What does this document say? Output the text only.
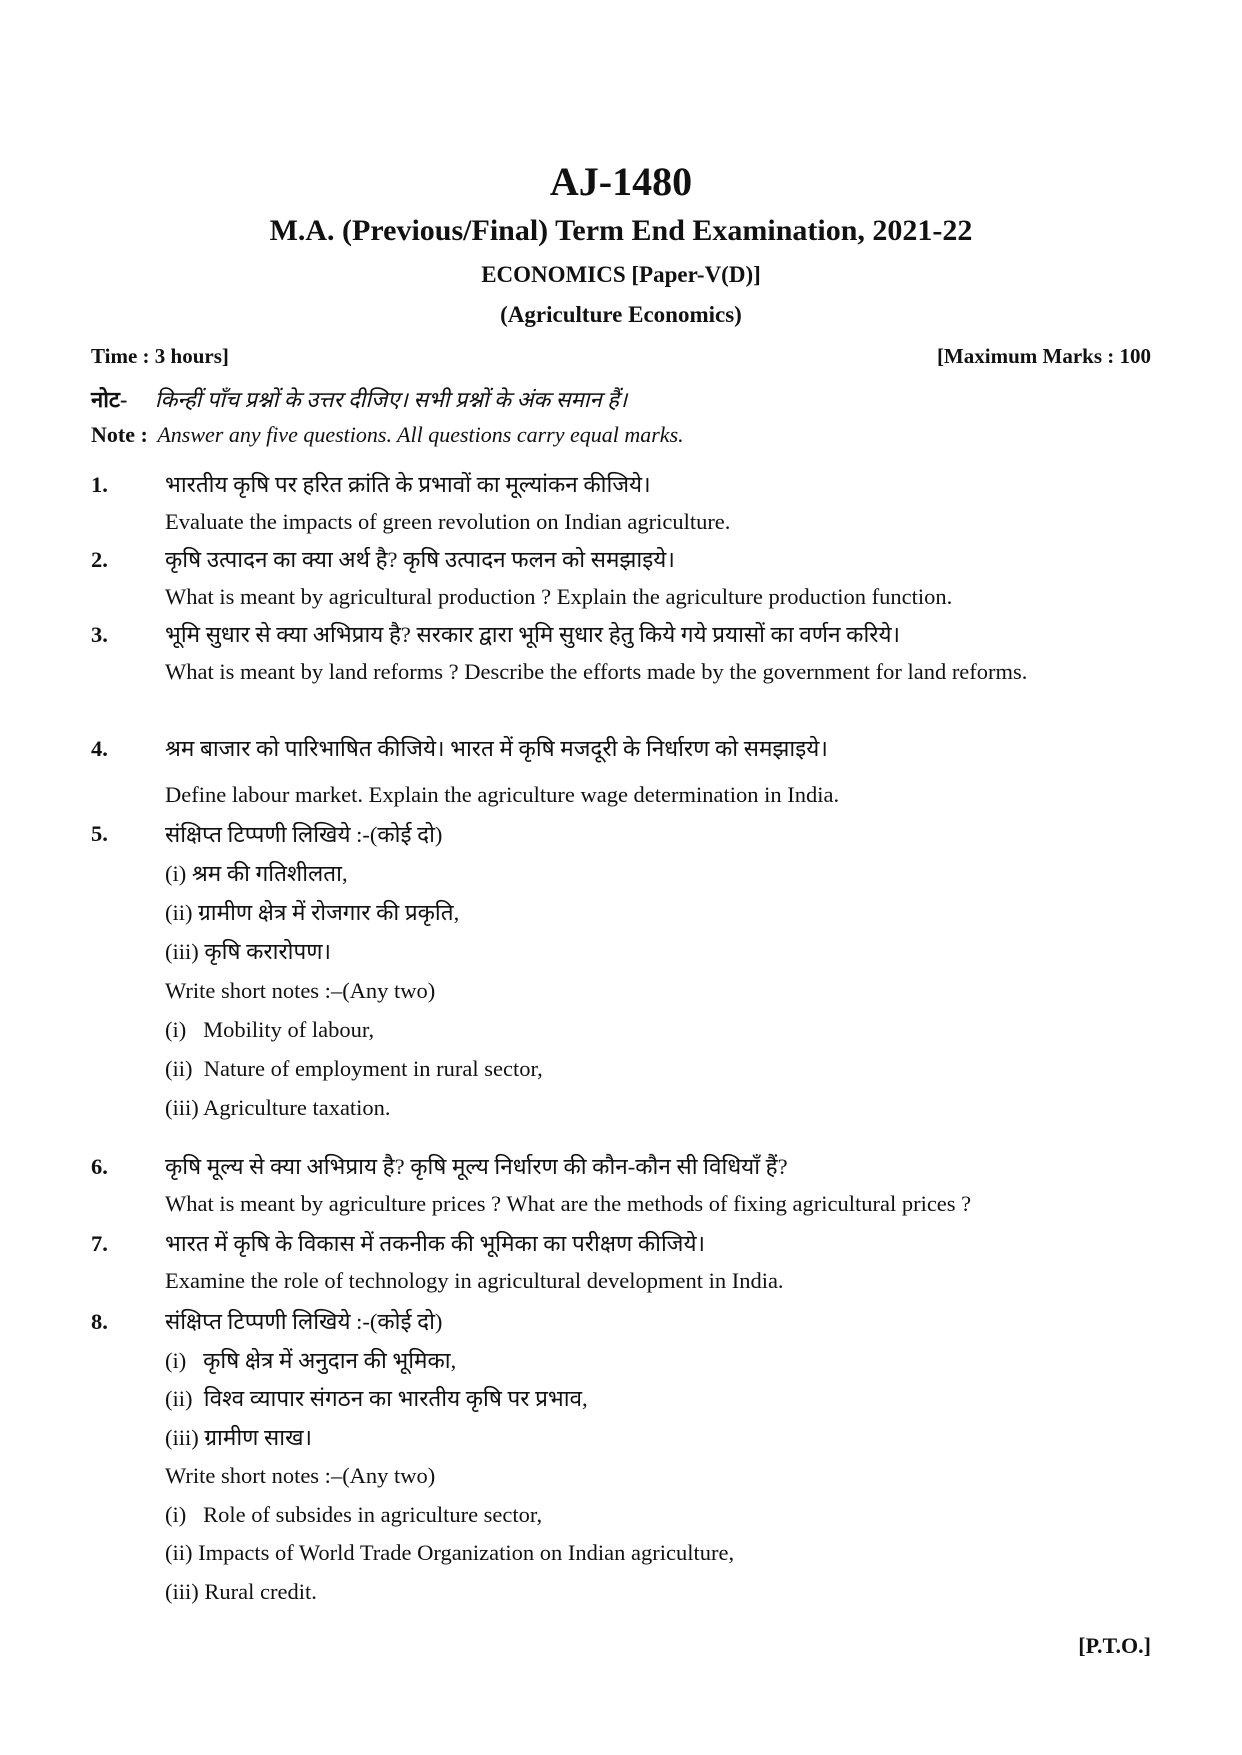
AJ-1480
M.A. (Previous/Final) Term End Examination, 2021-22
ECONOMICS [Paper-V(D)]
(Agriculture Economics)
Time : 3 hours]	[Maximum Marks : 100
नोट- किन्हीं पाँच प्रश्नों के उत्तर दीजिए। सभी प्रश्नों के अंक समान हैं।
Note : Answer any five questions. All questions carry equal marks.
1.	भारतीय कृषि पर हरित क्रांति के प्रभावों का मूल्यांकन कीजिये।
Evaluate the impacts of green revolution on Indian agriculture.
2.	कृषि उत्पादन का क्या अर्थ है? कृषि उत्पादन फलन को समझाइये।
What is meant by agricultural production ? Explain the agriculture production function.
3.	भूमि सुधार से क्या अभिप्राय है? सरकार द्वारा भूमि सुधार हेतु किये गये प्रयासों का वर्णन करिये।
What is meant by land reforms ? Describe the efforts made by the government for land reforms.
4.	श्रम बाजार को पारिभाषित कीजिये। भारत में कृषि मजदूरी के निर्धारण को समझाइये।
Define labour market. Explain the agriculture wage determination in India.
5.	संक्षिप्त टिप्पणी लिखिये :-(कोई दो)
(i) श्रम की गतिशीलता,
(ii) ग्रामीण क्षेत्र में रोजगार की प्रकृति,
(iii) कृषि करारोपण।
Write short notes :–(Any two)
(i)   Mobility of labour,
(ii)  Nature of employment in rural sector,
(iii) Agriculture taxation.
6.	कृषि मूल्य से क्या अभिप्राय है? कृषि मूल्य निर्धारण की कौन-कौन सी विधियाँ हैं?
What is meant by agriculture prices ? What are the methods of fixing agricultural prices ?
7.	भारत में कृषि के विकास में तकनीक की भूमिका का परीक्षण कीजिये।
Examine the role of technology in agricultural development in India.
8.	संक्षिप्त टिप्पणी लिखिये :-(कोई दो)
(i)   कृषि क्षेत्र में अनुदान की भूमिका,
(ii)  विश्व व्यापार संगठन का भारतीय कृषि पर प्रभाव,
(iii) ग्रामीण साख।
Write short notes :–(Any two)
(i)   Role of subsides in agriculture sector,
(ii) Impacts of World Trade Organization on Indian agriculture,
(iii) Rural credit.
[P.T.O.]
